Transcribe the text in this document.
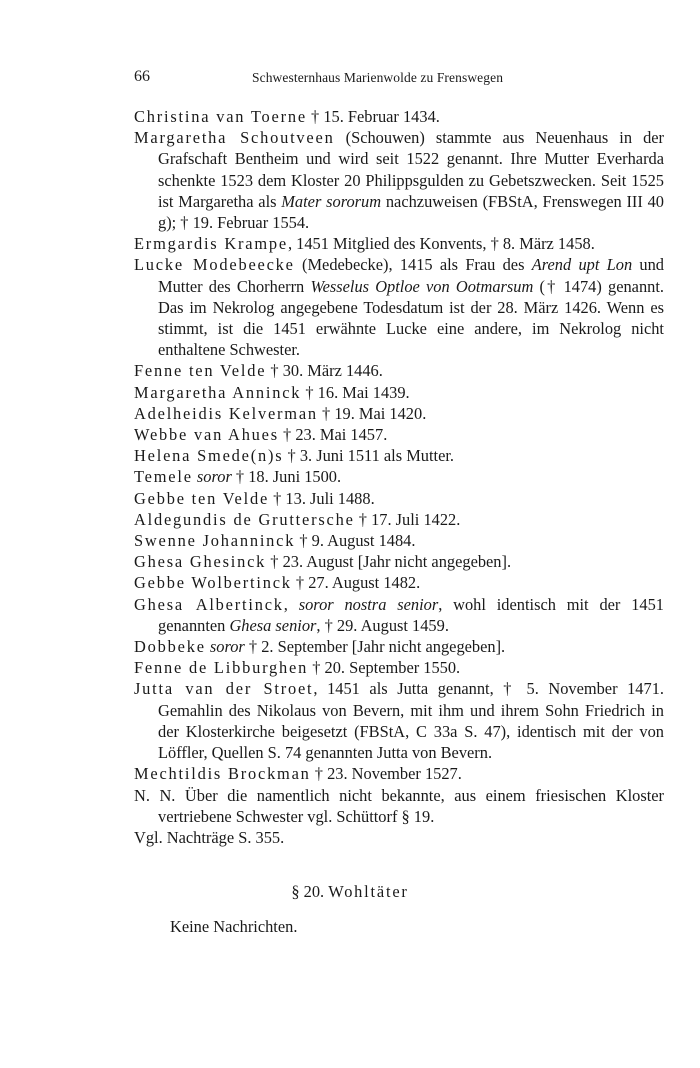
66	Schwesternhaus Marienwolde zu Frenswegen

Christina van Toerne † 15. Februar 1434.

Margaretha Schoutveen (Schouwen) stammte aus Neuenhaus in der Grafschaft Bentheim und wird seit 1522 genannt. Ihre Mutter Everharda schenkte 1523 dem Kloster 20 Philippsgulden zu Gebetszwecken. Seit 1525 ist Margaretha als Mater sororum nachzuweisen (FBStA, Frenswegen III 40 g); † 19. Februar 1554.

Ermgardis Krampe, 1451 Mitglied des Konvents, † 8. März 1458.

Lucke Modebeecke (Medebecke), 1415 als Frau des Arend upt Lon und Mutter des Chorherrn Wesselus Optloe von Ootmarsum († 1474) genannt. Das im Nekrolog angegebene Todesdatum ist der 28. März 1426. Wenn es stimmt, ist die 1451 erwähnte Lucke eine andere, im Nekrolog nicht enthaltene Schwester.

Fenne ten Velde † 30. März 1446.

Margaretha Anninck † 16. Mai 1439.

Adelheidis Kelverman † 19. Mai 1420.

Webbe van Ahues † 23. Mai 1457.

Helena Smede(n)s † 3. Juni 1511 als Mutter.

Temele soror † 18. Juni 1500.

Gebbe ten Velde † 13. Juli 1488.

Aldegundis de Gruttersche † 17. Juli 1422.

Swenne Johanninck † 9. August 1484.

Ghesa Ghesinck † 23. August [Jahr nicht angegeben].

Gebbe Wolbertinck † 27. August 1482.

Ghesa Albertinck, soror nostra senior, wohl identisch mit der 1451 genannten Ghesa senior, † 29. August 1459.

Dobbeke soror † 2. September [Jahr nicht angegeben].

Fenne de Libburghen † 20. September 1550.

Jutta van der Stroet, 1451 als Jutta genannt, † 5. November 1471. Gemahlin des Nikolaus von Bevern, mit ihm und ihrem Sohn Friedrich in der Klosterkirche beigesetzt (FBStA, C 33a S. 47), identisch mit der von Löffler, Quellen S. 74 genannten Jutta von Bevern.

Mechtildis Brockman † 23. November 1527.

N. N. Über die namentlich nicht bekannte, aus einem friesischen Kloster vertriebene Schwester vgl. Schüttorf § 19.

Vgl. Nachträge S. 355.

§ 20. Wohltäter
Keine Nachrichten.
